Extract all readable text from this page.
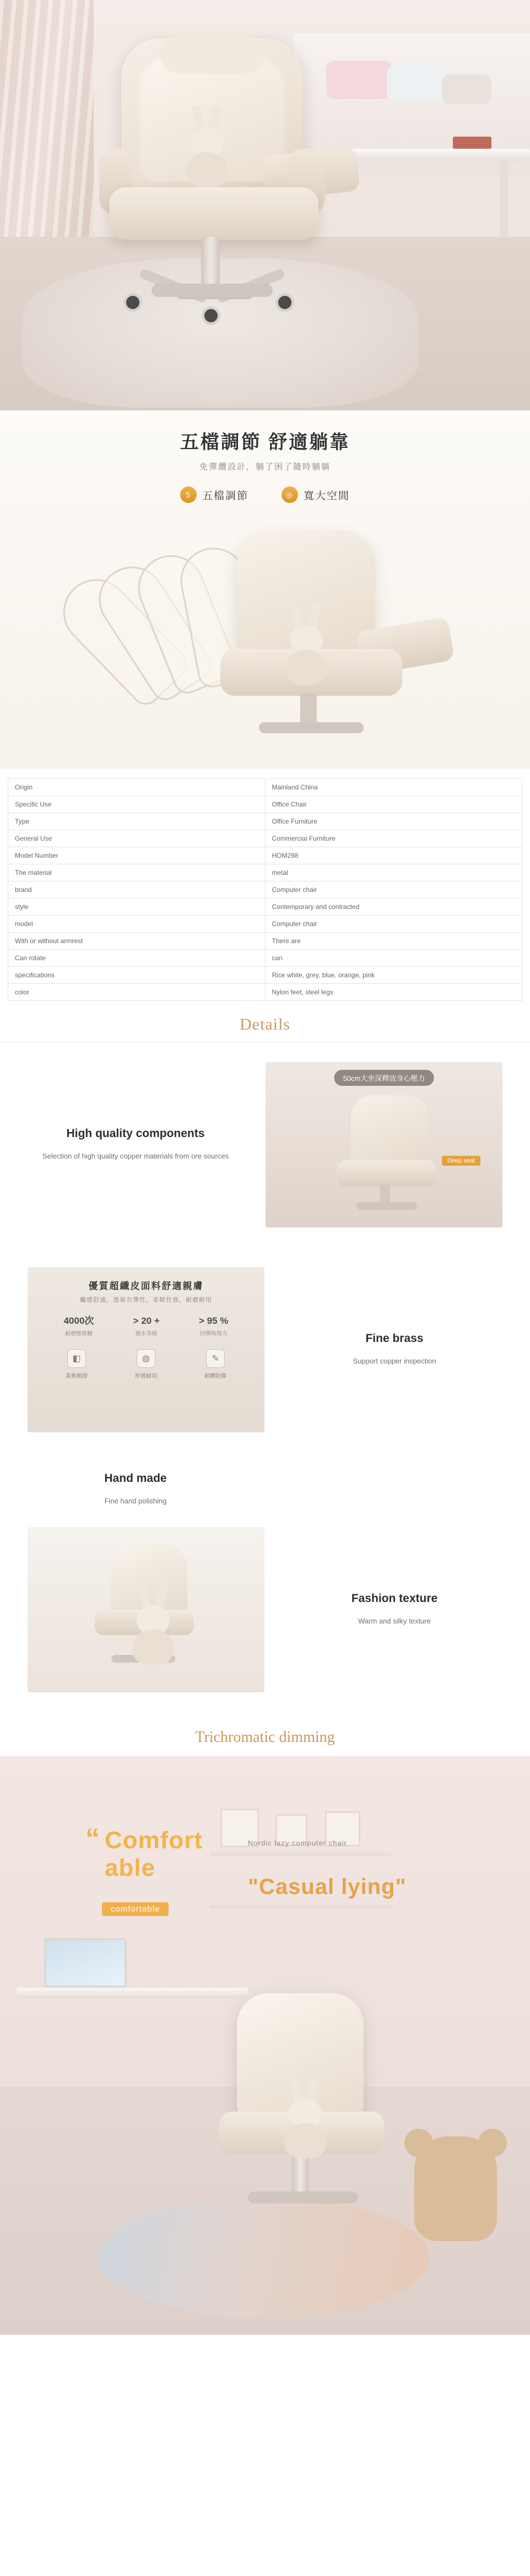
五檔調節 舒適躺靠

免彈纜設計，躺了困了隨時躺躺

5	五檔調節	◎ 寬大空間
Origin	Mainland China
Specific Use	Office Chair
Type	Office Furniture
General Use	Commercial Furniture
Model Number	HOM298
The material	metal
brand	Computer chair
style	Contemporary and contracted
model	Computer chair
With or without armrest	There are
Can rotate	can
specifications	Rice white, grey, blue, orange, pink
color	Nylon feet, steel legs
Details
High quality components

Selection of high quality copper materials from ore sources

50cm大坐深釋放身心壓力
Deep seat
Fine brass

Support copper inspection

優質超纖皮面料舒適親膚
觸感舒適，透氣有彈性，柔韌性強，耐磨耐用
4000次
耐磨擦實驗
> 20 +
撥水等級
> 95 %
回彈恢復力
◧
柔軟順滑
◍
厚實耐用
✎
耐髒防塵
Hand made

Fine hand polishing

Fashion texture

Warm and silky texture

Trichromatic dimming
“ Comfort
able
Nordic lazy computer chair
"Casual lying"
comfortable
